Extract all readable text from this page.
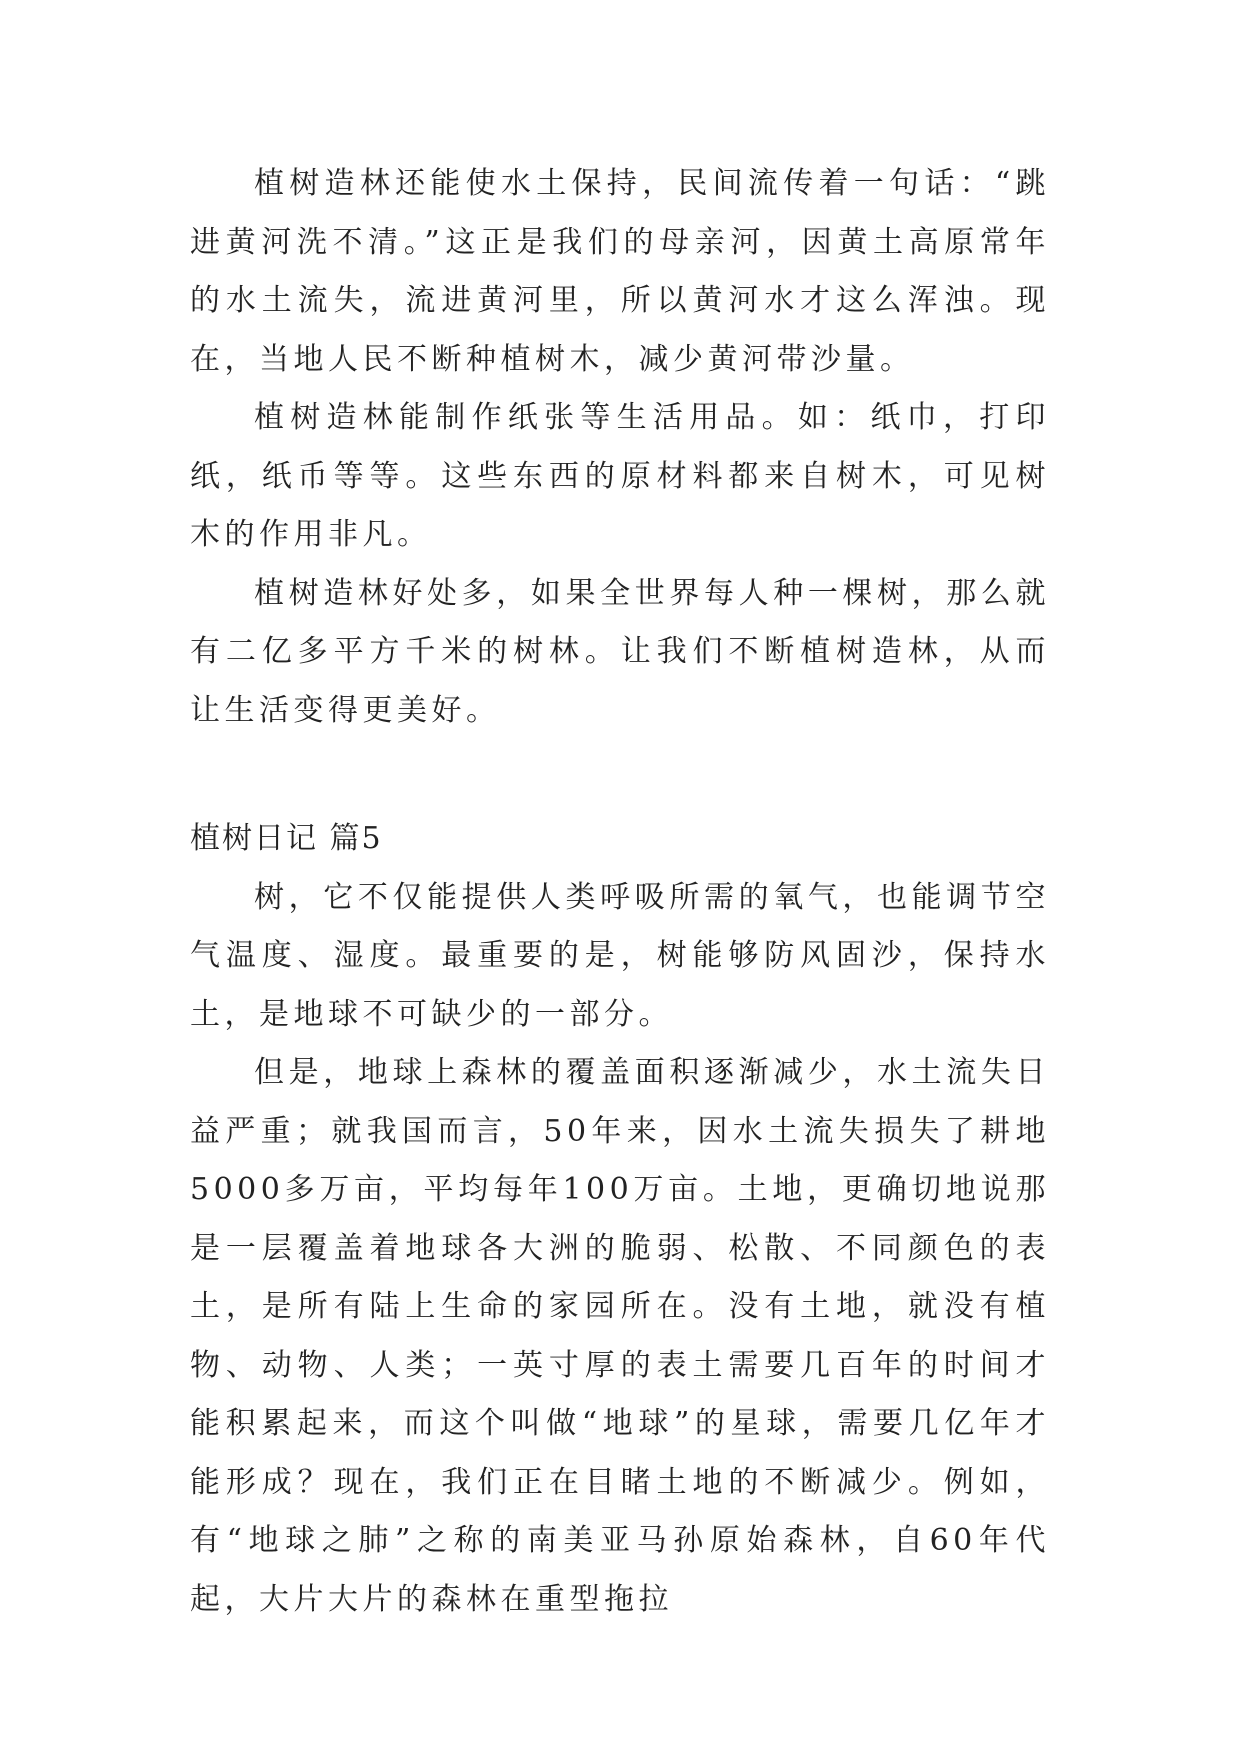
植树造林还能使水土保持，民间流传着一句话：“跳进黄河洗不清。”这正是我们的母亲河，因黄土高原常年的水土流失，流进黄河里，所以黄河水才这么浑浊。现在，当地人民不断种植树木，减少黄河带沙量。

植树造林能制作纸张等生活用品。如：纸巾，打印纸，纸币等等。这些东西的原材料都来自树木，可见树木的作用非凡。

植树造林好处多，如果全世界每人种一棵树，那么就有二亿多平方千米的树林。让我们不断植树造林，从而让生活变得更美好。

植树日记 篇5

树，它不仅能提供人类呼吸所需的氧气，也能调节空气温度、湿度。最重要的是，树能够防风固沙，保持水土，是地球不可缺少的一部分。

但是，地球上森林的覆盖面积逐渐减少，水土流失日益严重；就我国而言，50年来，因水土流失损失了耕地5000多万亩，平均每年100万亩。土地，更确切地说那是一层覆盖着地球各大洲的脆弱、松散、不同颜色的表土，是所有陆上生命的家园所在。没有土地，就没有植物、动物、人类；一英寸厚的表土需要几百年的时间才能积累起来，而这个叫做“地球”的星球，需要几亿年才能形成？现在，我们正在目睹土地的不断减少。例如，有“地球之肺”之称的南美亚马孙原始森林，自60年代起，大片大片的森林在重型拖拉
